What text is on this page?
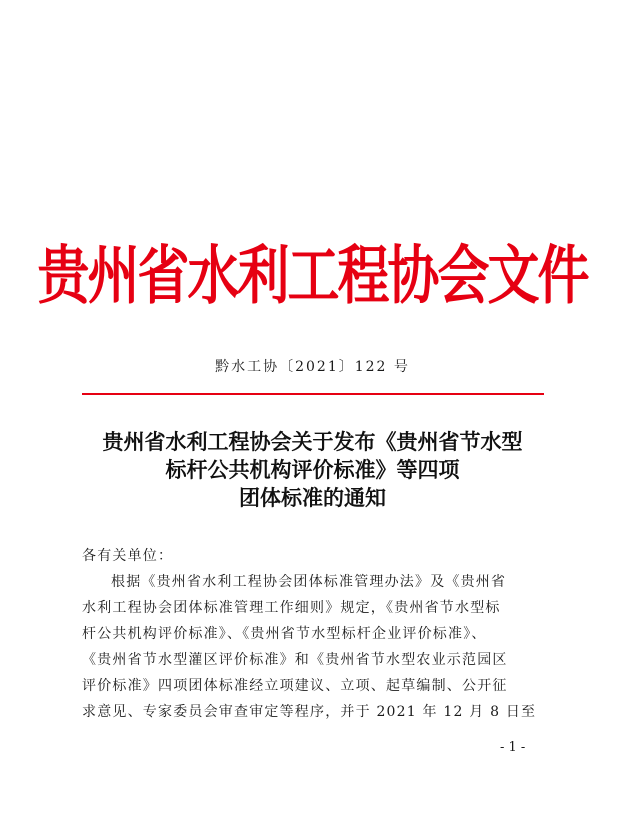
贵州省水利工程协会文件
黔水工协〔2021〕122 号
贵州省水利工程协会关于发布《贵州省节水型
标杆公共机构评价标准》等四项
团体标准的通知
各有关单位：
根据《贵州省水利工程协会团体标准管理办法》及《贵州省
水利工程协会团体标准管理工作细则》规定，《贵州省节水型标
杆公共机构评价标准》、《贵州省节水型标杆企业评价标准》、
《贵州省节水型灌区评价标准》和《贵州省节水型农业示范园区
评价标准》四项团体标准经立项建议、立项、起草编制、公开征
求意见、专家委员会审查审定等程序，并于 2021 年 12 月 8 日至
- 1 -
